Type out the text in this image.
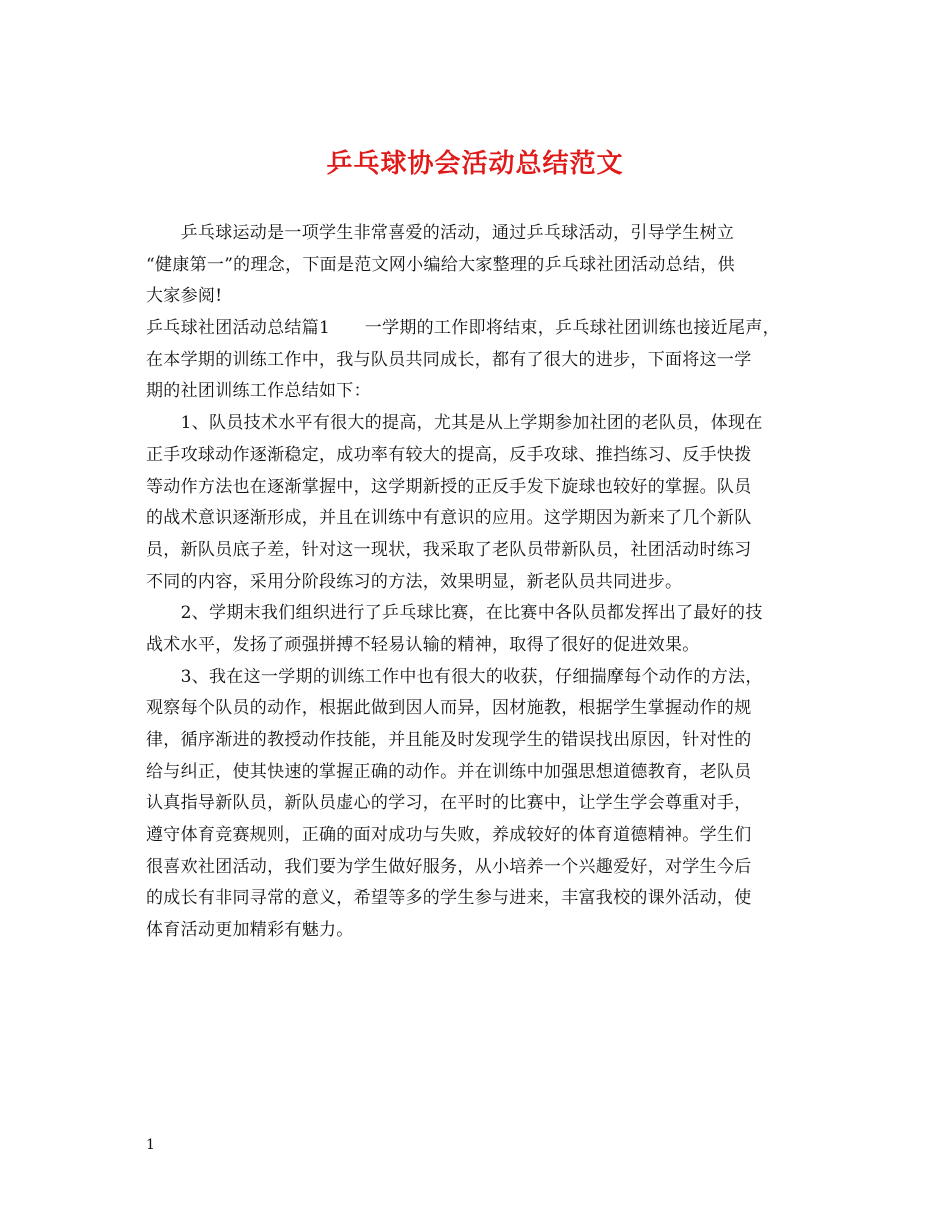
乒乓球协会活动总结范文
　　乒乓球运动是一项学生非常喜爱的活动，通过乒乓球活动，引导学生树立
“健康第一”的理念，下面是范文网小编给大家整理的乒乓球社团活动总结，供
大家参阅!
乒乓球社团活动总结篇1　　一学期的工作即将结束，乒乓球社团训练也接近尾声，
在本学期的训练工作中，我与队员共同成长，都有了很大的进步，下面将这一学
期的社团训练工作总结如下：
　　1、队员技术水平有很大的提高，尤其是从上学期参加社团的老队员，体现在
正手攻球动作逐渐稳定，成功率有较大的提高，反手攻球、推挡练习、反手快拨
等动作方法也在逐渐掌握中，这学期新授的正反手发下旋球也较好的掌握。队员
的战术意识逐渐形成，并且在训练中有意识的应用。这学期因为新来了几个新队
员，新队员底子差，针对这一现状，我采取了老队员带新队员，社团活动时练习
不同的内容，采用分阶段练习的方法，效果明显，新老队员共同进步。
　　2、学期末我们组织进行了乒乓球比赛，在比赛中各队员都发挥出了最好的技
战术水平，发扬了顽强拼搏不轻易认输的精神，取得了很好的促进效果。
　　3、我在这一学期的训练工作中也有很大的收获，仔细揣摩每个动作的方法，
观察每个队员的动作，根据此做到因人而异，因材施教，根据学生掌握动作的规
律，循序渐进的教授动作技能，并且能及时发现学生的错误找出原因，针对性的
给与纠正，使其快速的掌握正确的动作。并在训练中加强思想道德教育，老队员
认真指导新队员，新队员虚心的学习，在平时的比赛中，让学生学会尊重对手，
遵守体育竞赛规则，正确的面对成功与失败，养成较好的体育道德精神。学生们
很喜欢社团活动，我们要为学生做好服务，从小培养一个兴趣爱好，对学生今后
的成长有非同寻常的意义，希望等多的学生参与进来，丰富我校的课外活动，使
体育活动更加精彩有魅力。
1
